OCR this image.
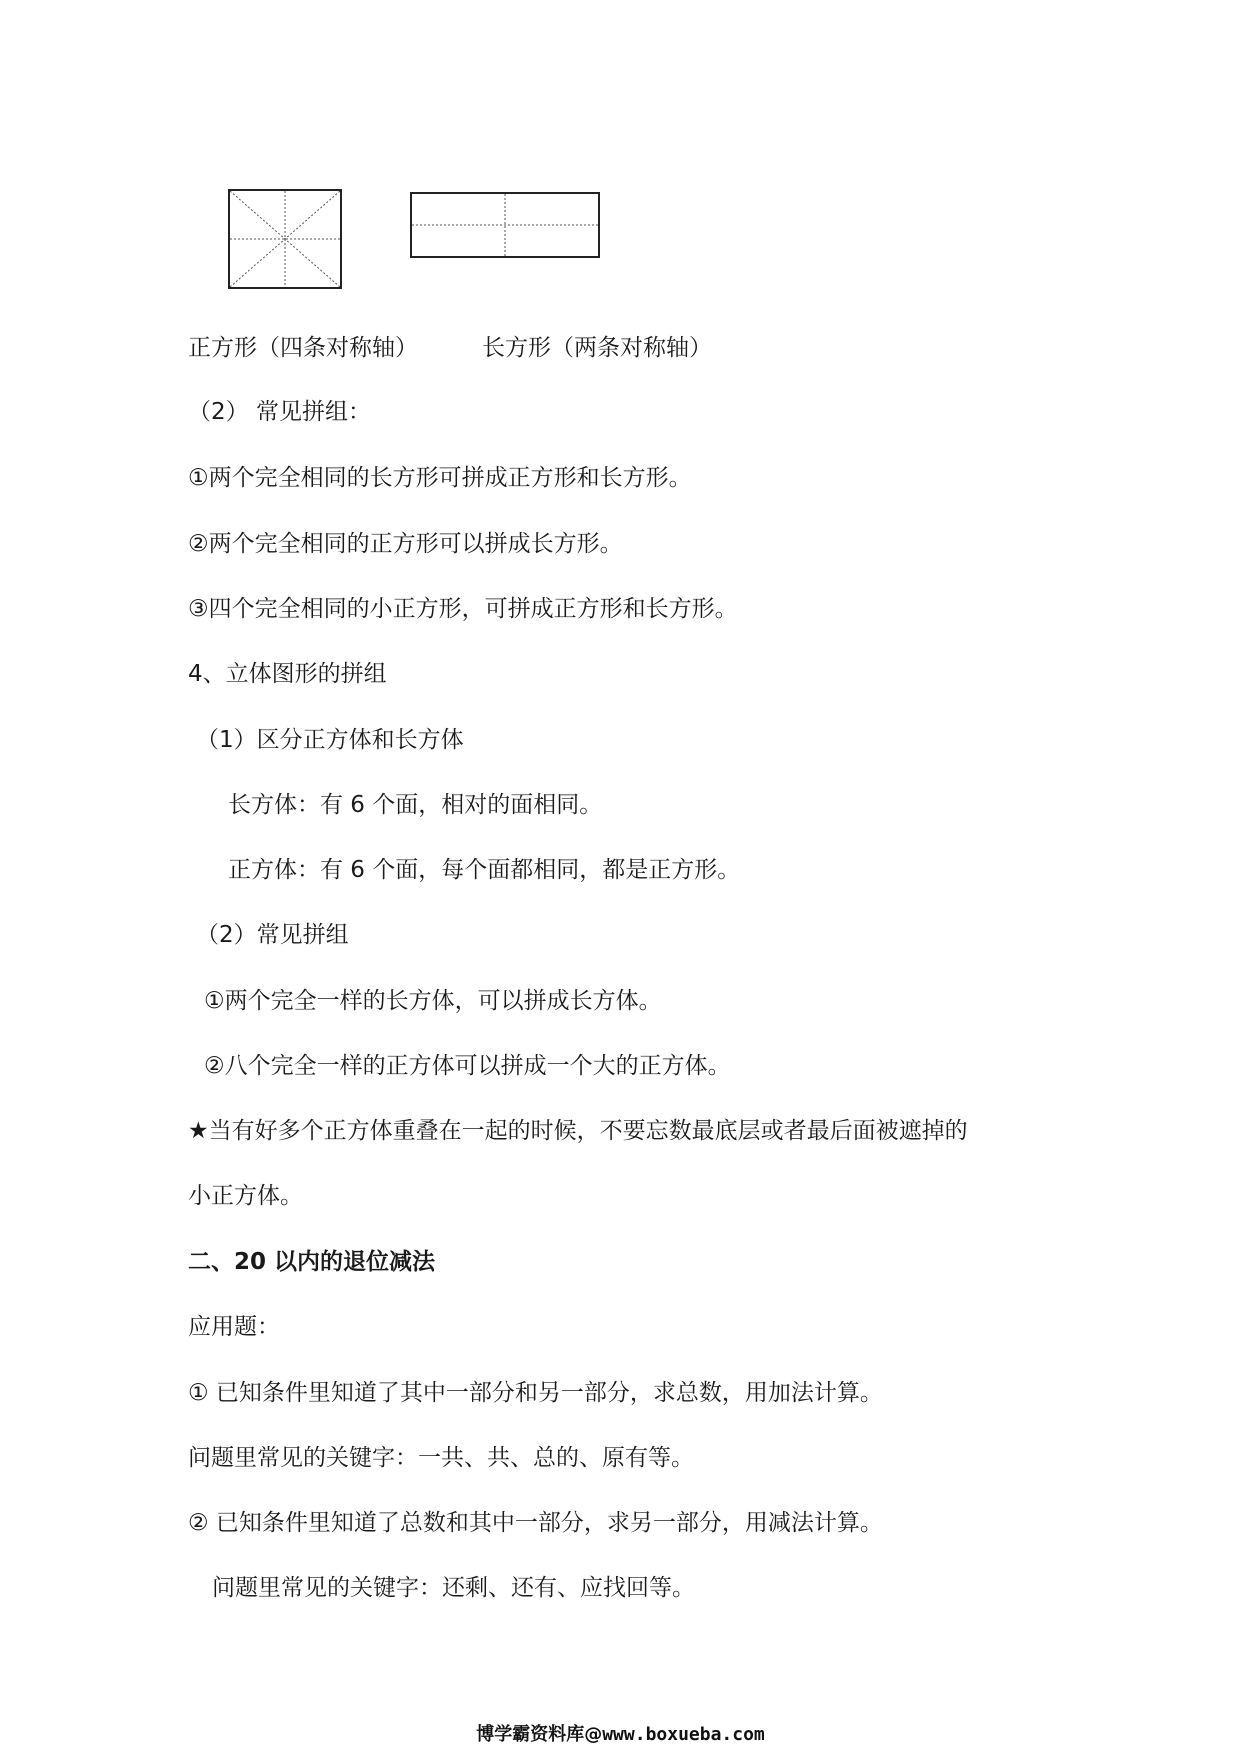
正方形（四条对称轴）	长方形（两条对称轴）
（2） 常见拼组：
①两个完全相同的长方形可拼成正方形和长方形。
②两个完全相同的正方形可以拼成长方形。
③四个完全相同的小正方形，可拼成正方形和长方形。
4、立体图形的拼组
（1）区分正方体和长方体
长方体：有 6 个面，相对的面相同。
正方体：有 6 个面，每个面都相同，都是正方形。
（2）常见拼组
①两个完全一样的长方体，可以拼成长方体。
②八个完全一样的正方体可以拼成一个大的正方体。
★当有好多个正方体重叠在一起的时候，不要忘数最底层或者最后面被遮掉的
小正方体。
二、20 以内的退位减法
应用题：
① 已知条件里知道了其中一部分和另一部分，求总数，用加法计算。
问题里常见的关键字：一共、共、总的、原有等。
② 已知条件里知道了总数和其中一部分，求另一部分，用减法计算。
问题里常见的关键字：还剩、还有、应找回等。
博学霸资料库@www.boxueba.com
